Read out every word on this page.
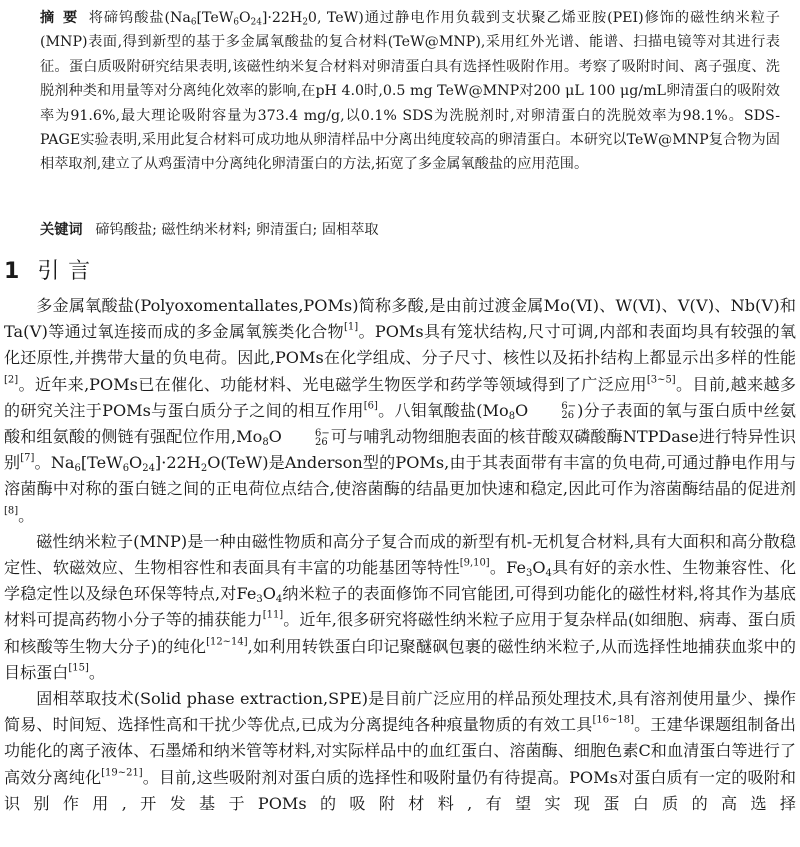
摘要 将碲钨酸盐($Na_6[TeW_6O_{24}]\cdot 22H_20$, TeW)通过静电作用负载到支状聚乙烯亚胺(PEI)修饰的磁性纳米粒子(MNP)表面,得到新型的基于多金属氧酸盐的复合材料(TeW@MNP),采用红外光谱、能谱、扫描电镜等对其进行表征。蛋白质吸附研究结果表明,该磁性纳米复合材料对卵清蛋白具有选择性吸附作用。考察了吸附时间、离子强度、洗脱剂种类和用量等对分离纯化效率的影响,在pH 4.0时,0.5 mg TeW@MNP对200 μL 100 μg/mL卵清蛋白的吸附效率为91.6%,最大理论吸附容量为373.4 mg/g,以0.1% SDS为洗脱剂时,对卵清蛋白的洗脱效率为98.1%。SDS-PAGE实验表明,采用此复合材料可成功地从卵清样品中分离出纯度较高的卵清蛋白。本研究以TeW@MNP复合物为固相萃取剂,建立了从鸡蛋清中分离纯化卵清蛋白的方法,拓宽了多金属氧酸盐的应用范围。
关键词 碲钨酸盐; 磁性纳米材料; 卵清蛋白; 固相萃取
1 引言

多金属氧酸盐(Polyoxomentallates,POMs)简称多酸,是由前过渡金属Mo(Ⅵ)、W(Ⅵ)、V(Ⅴ)、Nb(Ⅴ)和Ta(Ⅴ)等通过氧连接而成的多金属氧簇类化合物[1]。POMs具有笼状结构,尺寸可调,内部和表面均具有较强的氧化还原性,并携带大量的负电荷。因此,POMs在化学组成、分子尺寸、核性以及拓扑结构上都显示出多样的性能[2]。近年来,POMs已在催化、功能材料、光电磁学生物医学和药学等领域得到了广泛应用[3~5]。目前,越来越多的研究关注于POMs与蛋白质分子之间的相互作用[6]。八钼氧酸盐($Mo_8O$	6−
26 )分子表面的氧与蛋白质中丝氨酸和组氨酸的侧链有强配位作用$,Mo_8O$	6−
26 可与哺乳动物细胞表面的核苷酸双磷酸酶NTPDase进行特异性识别[7]。$Na_6[TeW_6O_{24}]\cdot 22H_2O(TeW)$是Anderson型的POMs,由于其表面带有丰富的负电荷,可通过静电作用与溶菌酶中对称的蛋白链之间的正电荷位点结合,使溶菌酶的结晶更加快速和稳定,因此可作为溶菌酶结晶的促进剂[8]。

磁性纳米粒子(MNP)是一种由磁性物质和高分子复合而成的新型有机-无机复合材料,具有大面积和高分散稳定性、软磁效应、生物相容性和表面具有丰富的功能基团等特性[9,10]。$Fe_3O_4$具有好的亲水性、生物兼容性、化学稳定性以及绿色环保等特点,对$Fe_3O_4$纳米粒子的表面修饰不同官能团,可得到功能化的磁性材料,将其作为基底材料可提高药物小分子等的捕获能力[11]。近年,很多研究将磁性纳米粒子应用于复杂样品(如细胞、病毒、蛋白质和核酸等生物大分子)的纯化[12~14],如利用转铁蛋白印记聚醚砜包裹的磁性纳米粒子,从而选择性地捕获血浆中的目标蛋白[15]。

固相萃取技术(Solid phase extraction,SPE)是目前广泛应用的样品预处理技术,具有溶剂使用量少、操作简易、时间短、选择性高和干扰少等优点,已成为分离提纯各种痕量物质的有效工具[16~18]。王建华课题组制备出功能化的离子液体、石墨烯和纳米管等材料,对实际样品中的血红蛋白、溶菌酶、细胞色素C和血清蛋白等进行了高效分离纯化[19~21]。目前,这些吸附剂对蛋白质的选择性和吸附量仍有待提高。POMs对蛋白质有一定的吸附和识别作用,开发基于POMs的吸附材料,有望实现蛋白质的高选择
